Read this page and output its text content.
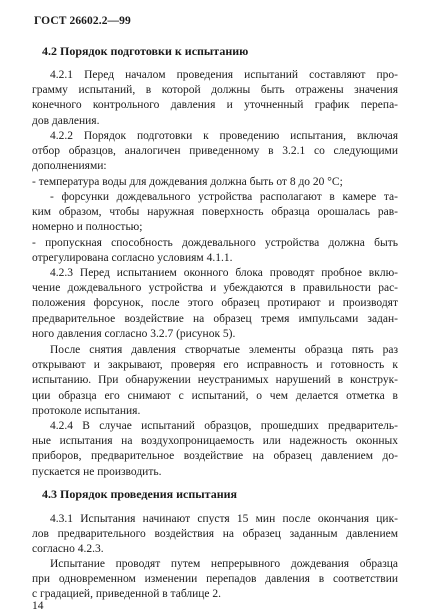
ГОСТ 26602.2—99
4.2 Порядок подготовки к испытанию
4.2.1 Перед началом проведения испытаний составляют про-
грамму испытаний, в которой должны быть отражены значения
конечного контрольного давления и уточненный график перепа-
дов давления.
4.2.2 Порядок подготовки к проведению испытания, включая
отбор образцов, аналогичен приведенному в 3.2.1 со следующими
дополнениями:
- температура воды для дождевания должна быть от 8 до 20 °С;
- форсунки дождевального устройства располагают в камере та-
ким образом, чтобы наружная поверхность образца орошалась рав-
номерно и полностью;
- пропускная способность дождевального устройства должна быть
отрегулирована согласно условиям 4.1.1.
4.2.3 Перед испытанием оконного блока проводят пробное вклю-
чение дождевального устройства и убеждаются в правильности рас-
положения форсунок, после этого образец протирают и производят
предварительное воздействие на образец тремя импульсами задан-
ного давления согласно 3.2.7 (рисунок 5).
После снятия давления створчатые элементы образца пять раз
открывают и закрывают, проверяя его исправность и готовность к
испытанию. При обнаружении неустранимых нарушений в конструк-
ции образца его снимают с испытаний, о чем делается отметка в
протоколе испытания.
4.2.4 В случае испытаний образцов, прошедших предваритель-
ные испытания на воздухопроницаемость или надежность оконных
приборов, предварительное воздействие на образец давлением до-
пускается не производить.
4.3 Порядок проведения испытания
4.3.1 Испытания начинают спустя 15 мин после окончания цик-
лов предварительного воздействия на образец заданным давлением
согласно 4.2.3.
Испытание проводят путем непрерывного дождевания образца
при одновременном изменении перепадов давления в соответствии
с градацией, приведенной в таблице 2.
14
